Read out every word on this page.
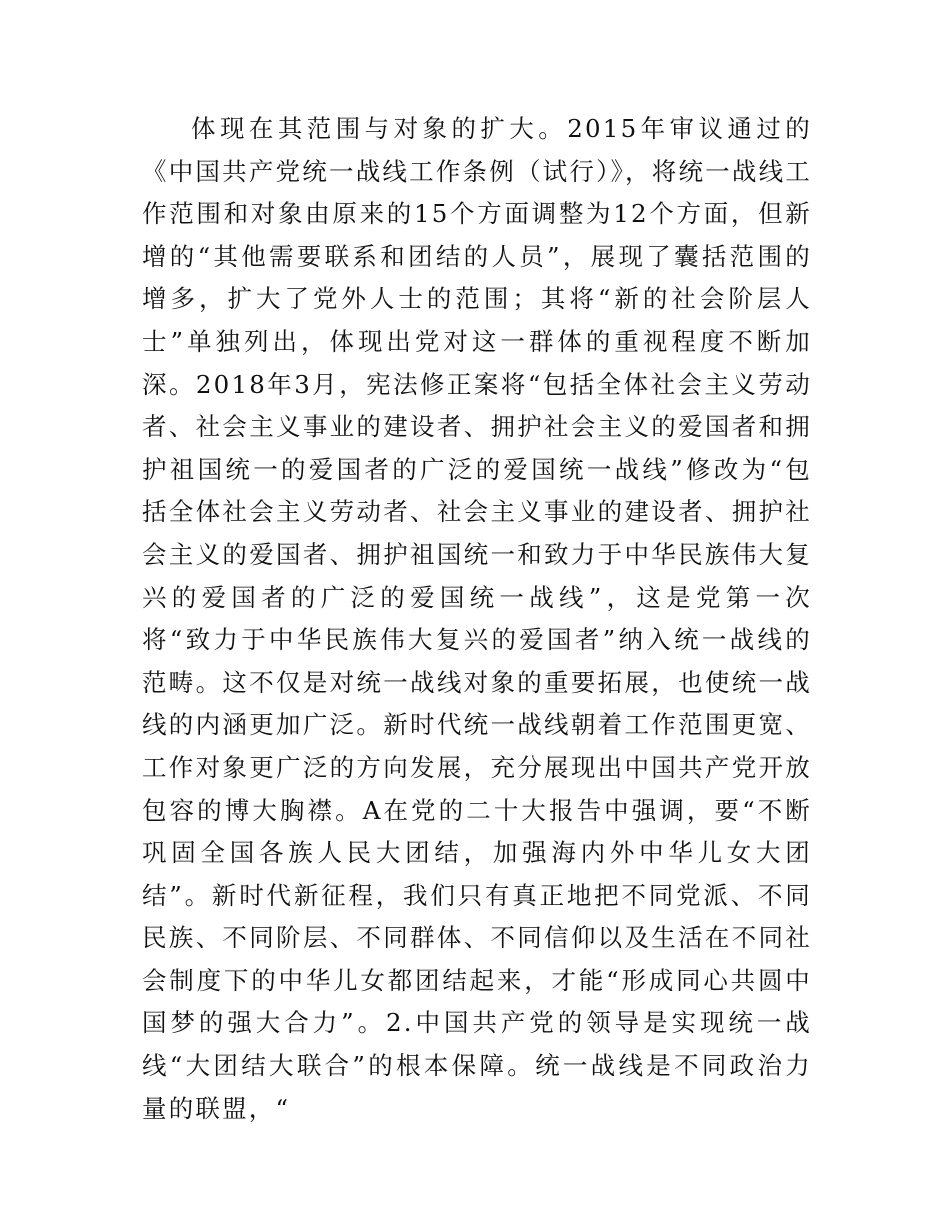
体现在其范围与对象的扩大。2015年审议通过的《中国共产党统一战线工作条例（试行）》，将统一战线工作范围和对象由原来的15个方面调整为12个方面，但新增的“其他需要联系和团结的人员”，展现了囊括范围的增多，扩大了党外人士的范围；其将“新的社会阶层人士”单独列出，体现出党对这一群体的重视程度不断加深。2018年3月，宪法修正案将“包括全体社会主义劳动者、社会主义事业的建设者、拥护社会主义的爱国者和拥护祖国统一的爱国者的广泛的爱国统一战线”修改为“包括全体社会主义劳动者、社会主义事业的建设者、拥护社会主义的爱国者、拥护祖国统一和致力于中华民族伟大复兴的爱国者的广泛的爱国统一战线”，这是党第一次将“致力于中华民族伟大复兴的爱国者”纳入统一战线的范畴。这不仅是对统一战线对象的重要拓展，也使统一战线的内涵更加广泛。新时代统一战线朝着工作范围更宽、工作对象更广泛的方向发展，充分展现出中国共产党开放包容的博大胸襟。A在党的二十大报告中强调，要“不断巩固全国各族人民大团结，加强海内外中华儿女大团结”。新时代新征程，我们只有真正地把不同党派、不同民族、不同阶层、不同群体、不同信仰以及生活在不同社会制度下的中华儿女都团结起来，才能“形成同心共圆中国梦的强大合力”。2.中国共产党的领导是实现统一战线“大团结大联合”的根本保障。统一战线是不同政治力量的联盟，“
